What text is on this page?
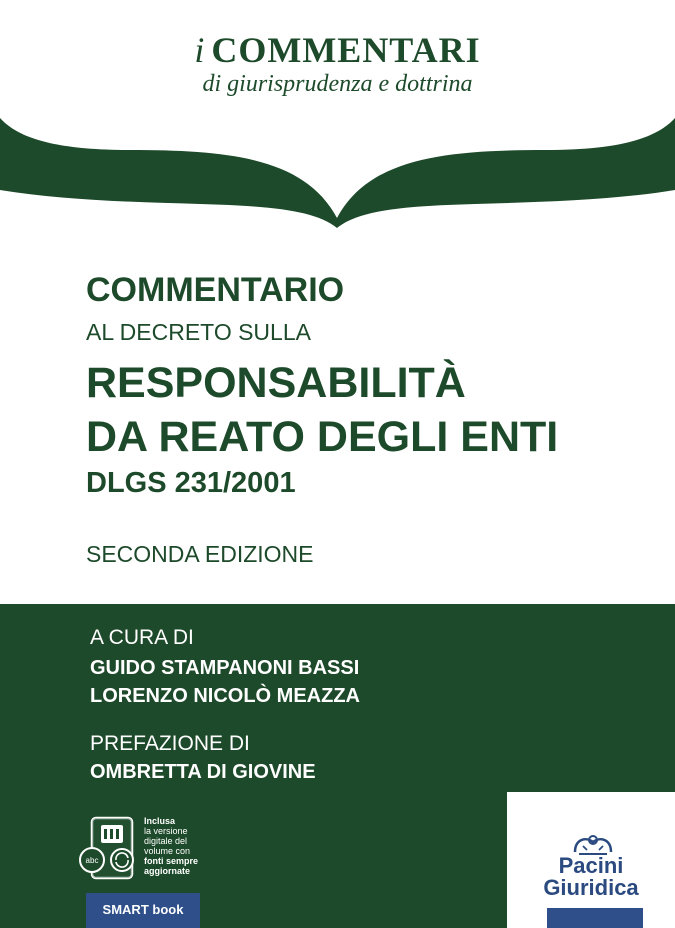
i COMMENTARI
di giurisprudenza e dottrina
COMMENTARIO
AL DECRETO SULLA
RESPONSABILITÀ
DA REATO DEGLI ENTI
DLGS 231/2001
SECONDA EDIZIONE
A CURA DI
GUIDO STAMPANONI BASSI
LORENZO NICOLÒ MEAZZA
PREFAZIONE DI
OMBRETTA DI GIOVINE
abc
Inclusa
la versione
digitale del
volume con
fonti sempre
aggiornate
SMART book
Pacini
Giuridica
